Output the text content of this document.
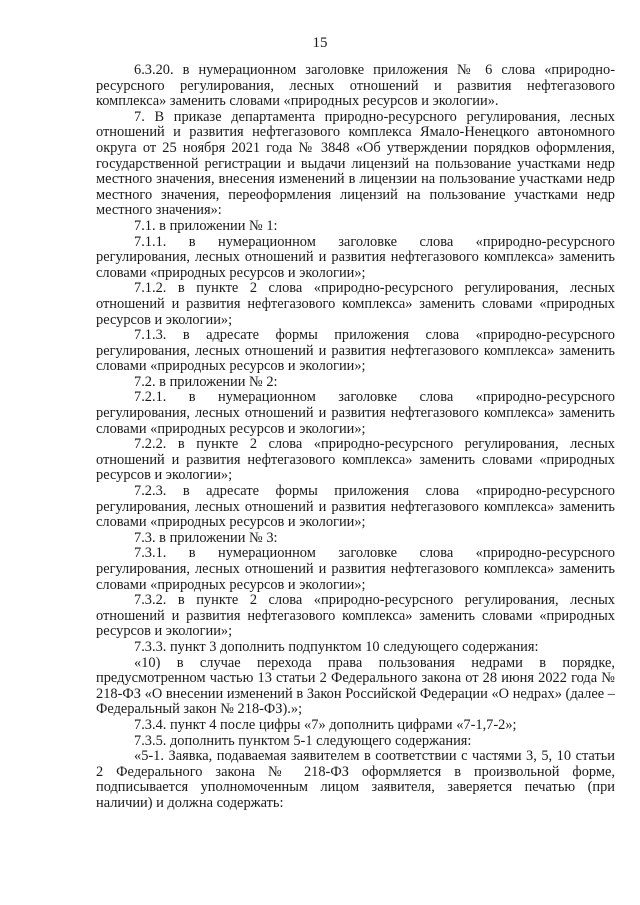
15

6.3.20. в нумерационном заголовке приложения № 6 слова «природно-ресурсного регулирования, лесных отношений и развития нефтегазового комплекса» заменить словами «природных ресурсов и экологии».

7. В приказе департамента природно-ресурсного регулирования, лесных отношений и развития нефтегазового комплекса Ямало-Ненецкого автономного округа от 25 ноября 2021 года № 3848 «Об утверждении порядков оформления, государственной регистрации и выдачи лицензий на пользование участками недр местного значения, внесения изменений в лицензии на пользование участками недр местного значения, переоформления лицензий на пользование участками недр местного значения»:

7.1. в приложении № 1:

7.1.1. в нумерационном заголовке слова «природно-ресурсного регулирования, лесных отношений и развития нефтегазового комплекса» заменить словами «природных ресурсов и экологии»;

7.1.2. в пункте 2 слова «природно-ресурсного регулирования, лесных отношений и развития нефтегазового комплекса» заменить словами «природных ресурсов и экологии»;

7.1.3. в адресате формы приложения слова «природно-ресурсного регулирования, лесных отношений и развития нефтегазового комплекса» заменить словами «природных ресурсов и экологии»;

7.2. в приложении № 2:

7.2.1. в нумерационном заголовке слова «природно-ресурсного регулирования, лесных отношений и развития нефтегазового комплекса» заменить словами «природных ресурсов и экологии»;

7.2.2. в пункте 2 слова «природно-ресурсного регулирования, лесных отношений и развития нефтегазового комплекса» заменить словами «природных ресурсов и экологии»;

7.2.3. в адресате формы приложения слова «природно-ресурсного регулирования, лесных отношений и развития нефтегазового комплекса» заменить словами «природных ресурсов и экологии»;

7.3. в приложении № 3:

7.3.1. в нумерационном заголовке слова «природно-ресурсного регулирования, лесных отношений и развития нефтегазового комплекса» заменить словами «природных ресурсов и экологии»;

7.3.2. в пункте 2 слова «природно-ресурсного регулирования, лесных отношений и развития нефтегазового комплекса» заменить словами «природных ресурсов и экологии»;

7.3.3. пункт 3 дополнить подпунктом 10 следующего содержания:

«10) в случае перехода права пользования недрами в порядке, предусмотренном частью 13 статьи 2 Федерального закона от 28 июня 2022 года № 218-ФЗ «О внесении изменений в Закон Российской Федерации «О недрах» (далее – Федеральный закон № 218-ФЗ).»;

7.3.4. пункт 4 после цифры «7» дополнить цифрами «7-1,7-2»;

7.3.5. дополнить пунктом 5-1 следующего содержания:

«5-1. Заявка, подаваемая заявителем в соответствии с частями 3, 5, 10 статьи 2 Федерального закона № 218-ФЗ оформляется в произвольной форме, подписывается уполномоченным лицом заявителя, заверяется печатью (при наличии) и должна содержать:
